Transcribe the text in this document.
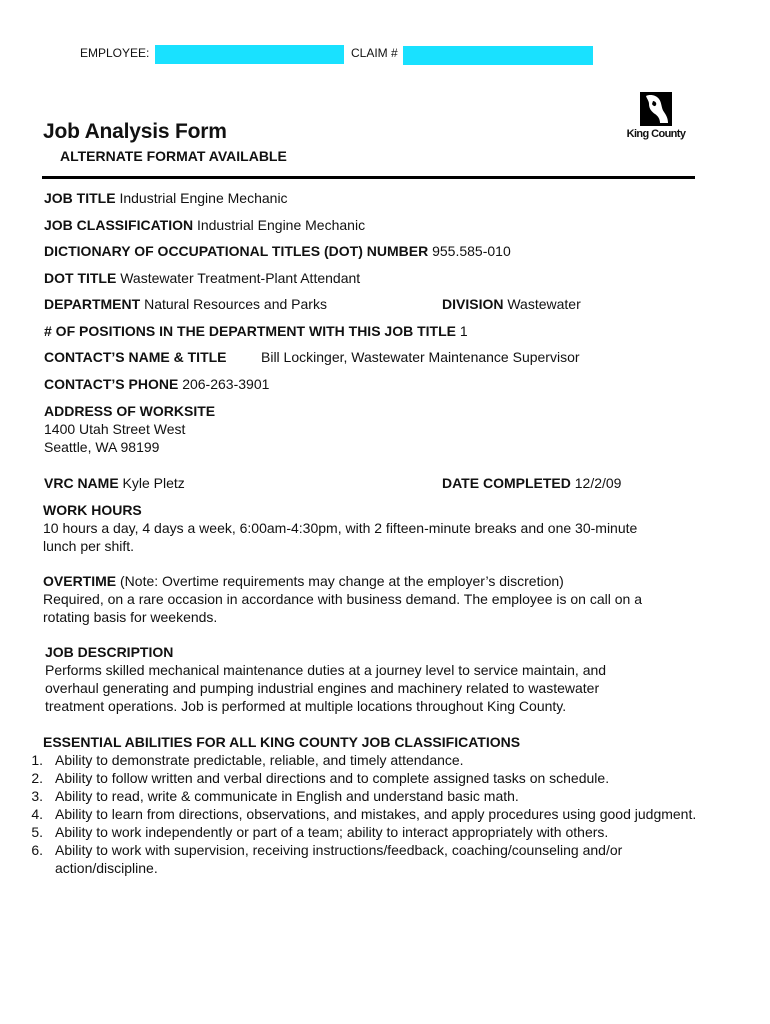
EMPLOYEE:	CLAIM #
King County
Job Analysis Form
ALTERNATE FORMAT AVAILABLE
JOB TITLE Industrial Engine Mechanic
JOB CLASSIFICATION Industrial Engine Mechanic
DICTIONARY OF OCCUPATIONAL TITLES (DOT) NUMBER 955.585-010
DOT TITLE Wastewater Treatment-Plant Attendant
DEPARTMENT Natural Resources and Parks	DIVISION Wastewater
# OF POSITIONS IN THE DEPARTMENT WITH THIS JOB TITLE 1
CONTACT’S NAME & TITLE Bill Lockinger, Wastewater Maintenance Supervisor
CONTACT’S PHONE 206-263-3901
ADDRESS OF WORKSITE
1400 Utah Street West
Seattle, WA 98199
VRC NAME Kyle Pletz	DATE COMPLETED 12/2/09

WORK HOURS

10 hours a day, 4 days a week, 6:00am-4:30pm, with 2 fifteen-minute breaks and one 30-minute

lunch per shift.

OVERTIME (Note: Overtime requirements may change at the employer’s discretion)

Required, on a rare occasion in accordance with business demand. The employee is on call on a

rotating basis for weekends.

JOB DESCRIPTION

Performs skilled mechanical maintenance duties at a journey level to service maintain, and

overhaul generating and pumping industrial engines and machinery related to wastewater

treatment operations. Job is performed at multiple locations throughout King County.

ESSENTIAL ABILITIES FOR ALL KING COUNTY JOB CLASSIFICATIONS
1. Ability to demonstrate predictable, reliable, and timely attendance.
2. Ability to follow written and verbal directions and to complete assigned tasks on schedule.
3. Ability to read, write & communicate in English and understand basic math.
4. Ability to learn from directions, observations, and mistakes, and apply procedures using good judgment.
5. Ability to work independently or part of a team; ability to interact appropriately with others.
6. Ability to work with supervision, receiving instructions/feedback, coaching/counseling and/or action/discipline.
